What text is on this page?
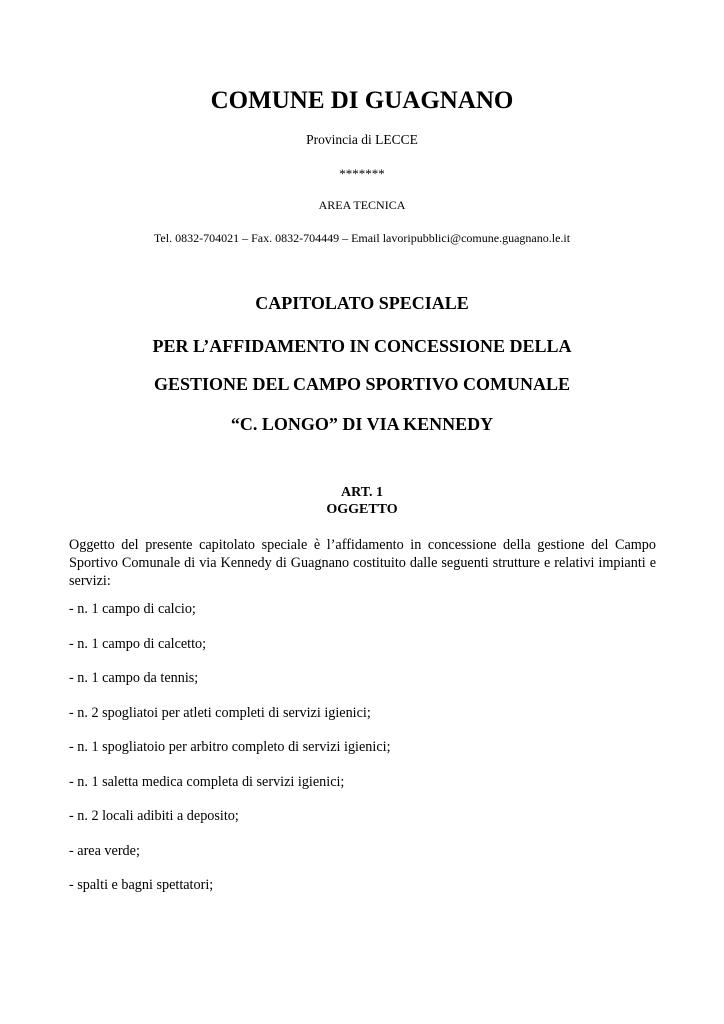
COMUNE DI GUAGNANO
Provincia di LECCE
*******
AREA TECNICA
Tel. 0832-704021 – Fax. 0832-704449 – Email lavoripubblici@comune.guagnano.le.it
CAPITOLATO SPECIALE
PER L’AFFIDAMENTO IN CONCESSIONE DELLA
GESTIONE DEL CAMPO SPORTIVO COMUNALE
“C. LONGO” DI VIA KENNEDY
ART. 1
OGGETTO

Oggetto del presente capitolato speciale è l’affidamento in concessione della gestione del Campo Sportivo Comunale di via Kennedy di Guagnano costituito dalle seguenti strutture e relativi impianti e servizi:

- n. 1 campo di calcio;
- n. 1 campo di calcetto;
- n. 1 campo da tennis;
- n. 2 spogliatoi per atleti completi di servizi igienici;
- n. 1 spogliatoio per arbitro completo di servizi igienici;
- n. 1 saletta medica completa di servizi igienici;
- n. 2 locali adibiti a deposito;
- area verde;
- spalti e bagni spettatori;
